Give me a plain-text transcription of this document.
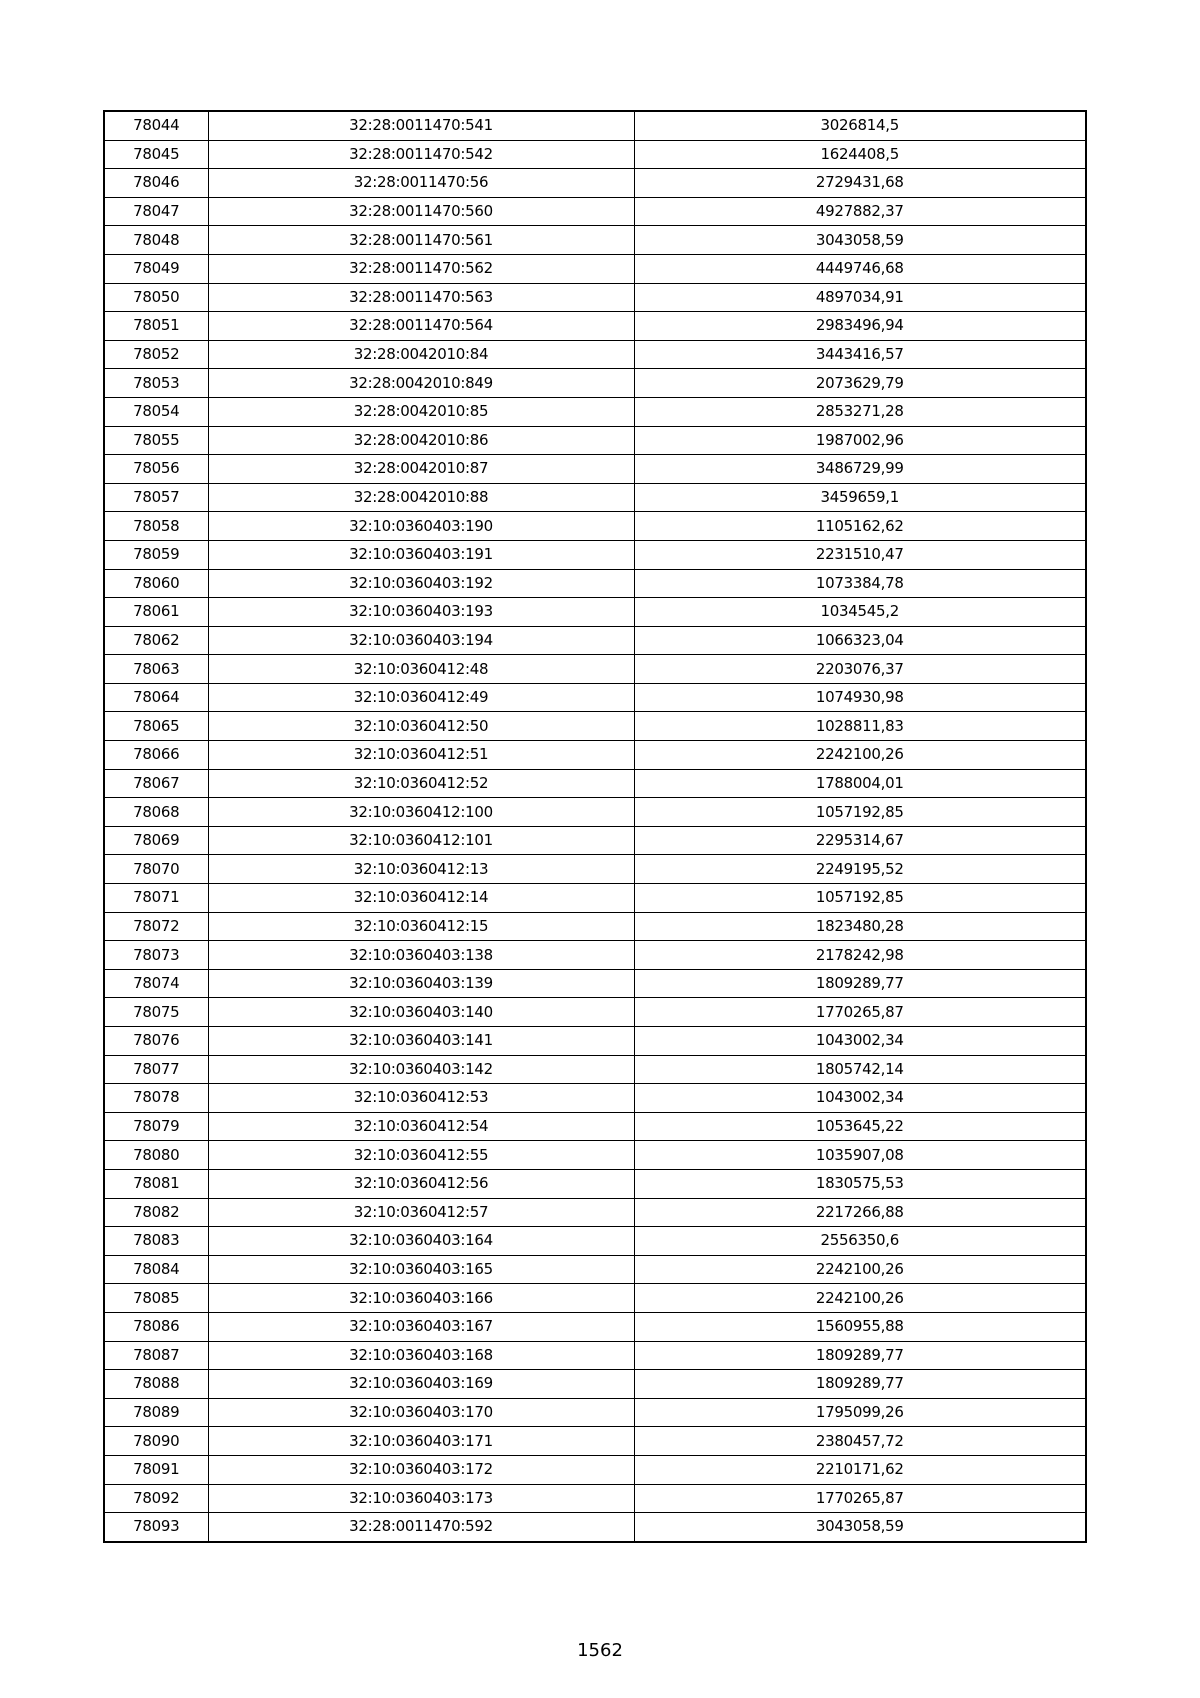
78044	32:28:0011470:541	3026814,5
78045	32:28:0011470:542	1624408,5
78046	32:28:0011470:56	2729431,68
78047	32:28:0011470:560	4927882,37
78048	32:28:0011470:561	3043058,59
78049	32:28:0011470:562	4449746,68
78050	32:28:0011470:563	4897034,91
78051	32:28:0011470:564	2983496,94
78052	32:28:0042010:84	3443416,57
78053	32:28:0042010:849	2073629,79
78054	32:28:0042010:85	2853271,28
78055	32:28:0042010:86	1987002,96
78056	32:28:0042010:87	3486729,99
78057	32:28:0042010:88	3459659,1
78058	32:10:0360403:190	1105162,62
78059	32:10:0360403:191	2231510,47
78060	32:10:0360403:192	1073384,78
78061	32:10:0360403:193	1034545,2
78062	32:10:0360403:194	1066323,04
78063	32:10:0360412:48	2203076,37
78064	32:10:0360412:49	1074930,98
78065	32:10:0360412:50	1028811,83
78066	32:10:0360412:51	2242100,26
78067	32:10:0360412:52	1788004,01
78068	32:10:0360412:100	1057192,85
78069	32:10:0360412:101	2295314,67
78070	32:10:0360412:13	2249195,52
78071	32:10:0360412:14	1057192,85
78072	32:10:0360412:15	1823480,28
78073	32:10:0360403:138	2178242,98
78074	32:10:0360403:139	1809289,77
78075	32:10:0360403:140	1770265,87
78076	32:10:0360403:141	1043002,34
78077	32:10:0360403:142	1805742,14
78078	32:10:0360412:53	1043002,34
78079	32:10:0360412:54	1053645,22
78080	32:10:0360412:55	1035907,08
78081	32:10:0360412:56	1830575,53
78082	32:10:0360412:57	2217266,88
78083	32:10:0360403:164	2556350,6
78084	32:10:0360403:165	2242100,26
78085	32:10:0360403:166	2242100,26
78086	32:10:0360403:167	1560955,88
78087	32:10:0360403:168	1809289,77
78088	32:10:0360403:169	1809289,77
78089	32:10:0360403:170	1795099,26
78090	32:10:0360403:171	2380457,72
78091	32:10:0360403:172	2210171,62
78092	32:10:0360403:173	1770265,87
78093	32:28:0011470:592	3043058,59
1562
